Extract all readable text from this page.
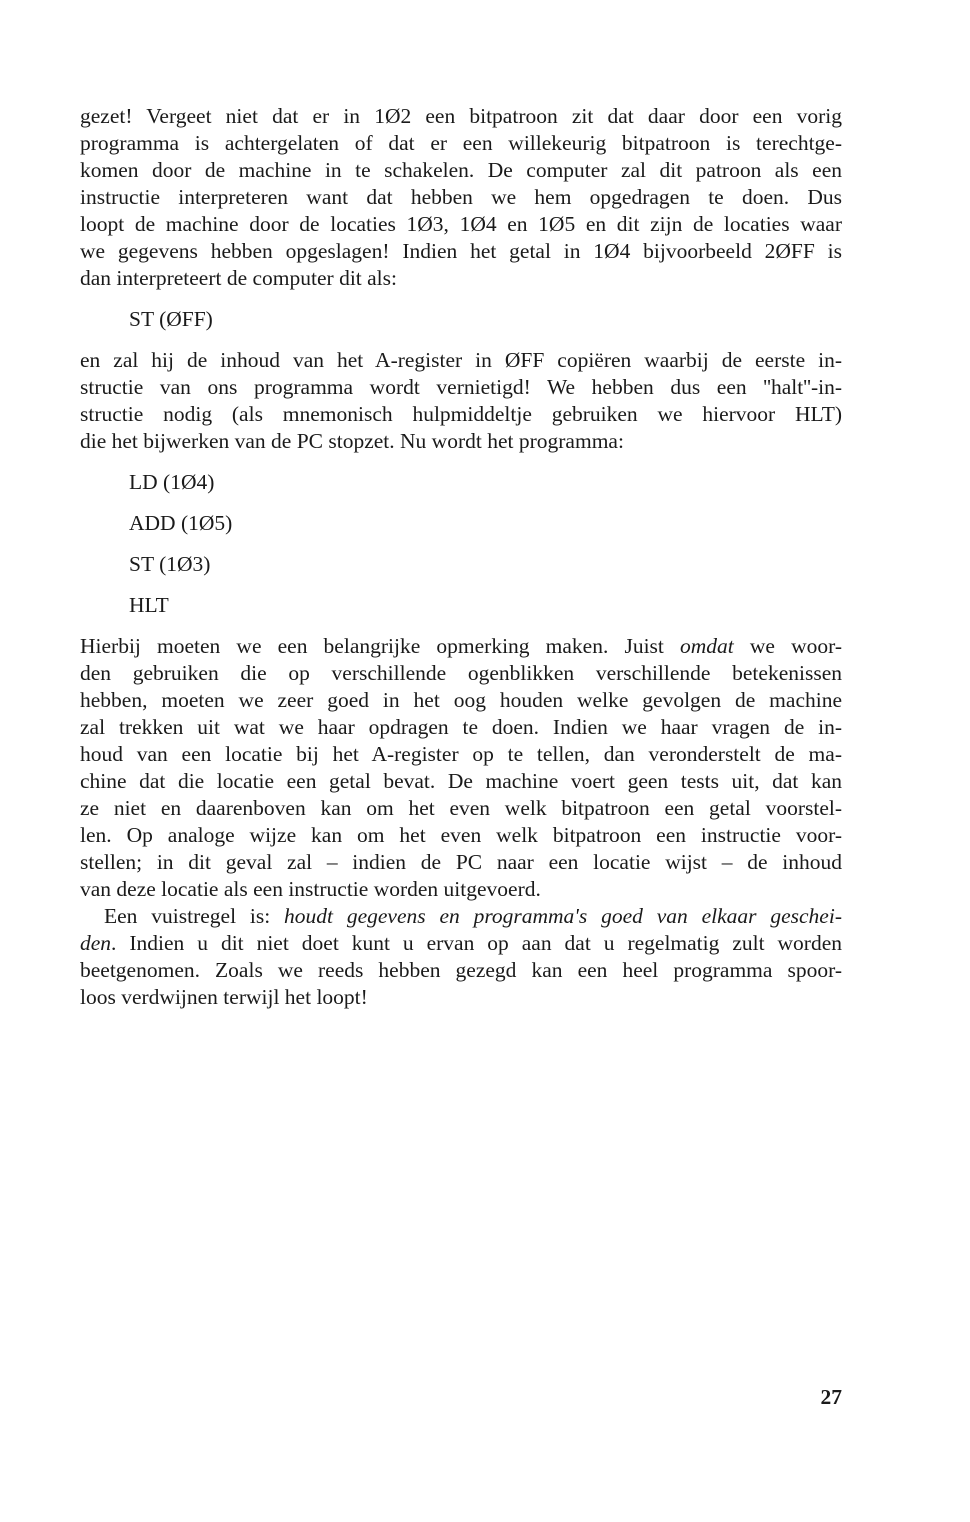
gezet! Vergeet niet dat er in 1Ø2 een bitpatroon zit dat daar door een vorig
programma is achtergelaten of dat er een willekeurig bitpatroon is terechtge-
komen door de machine in te schakelen. De computer zal dit patroon als een
instructie interpreteren want dat hebben we hem opgedragen te doen. Dus
loopt de machine door de locaties 1Ø3, 1Ø4 en 1Ø5 en dit zijn de locaties waar
we gegevens hebben opgeslagen! Indien het getal in 1Ø4 bijvoorbeeld 2ØFF is
dan interpreteert de computer dit als:

ST (ØFF)

en zal hij de inhoud van het A-register in ØFF copiëren waarbij de eerste in-
structie van ons programma wordt vernietigd! We hebben dus een ''halt''-in-
structie nodig (als mnemonisch hulpmiddeltje gebruiken we hiervoor HLT)
die het bijwerken van de PC stopzet. Nu wordt het programma:

LD (1Ø4)
ADD (1Ø5)
ST (1Ø3)
HLT

Hierbij moeten we een belangrijke opmerking maken. Juist omdat we woor-
den gebruiken die op verschillende ogenblikken verschillende betekenissen
hebben, moeten we zeer goed in het oog houden welke gevolgen de machine
zal trekken uit wat we haar opdragen te doen. Indien we haar vragen de in-
houd van een locatie bij het A-register op te tellen, dan veronderstelt de ma-
chine dat die locatie een getal bevat. De machine voert geen tests uit, dat kan
ze niet en daarenboven kan om het even welk bitpatroon een getal voorstel-
len. Op analoge wijze kan om het even welk bitpatroon een instructie voor-
stellen; in dit geval zal – indien de PC naar een locatie wijst – de inhoud
van deze locatie als een instructie worden uitgevoerd.

Een vuistregel is: houdt gegevens en programma's goed van elkaar geschei-
den. Indien u dit niet doet kunt u ervan op aan dat u regelmatig zult worden
beetgenomen. Zoals we reeds hebben gezegd kan een heel programma spoor-
loos verdwijnen terwijl het loopt!

27
